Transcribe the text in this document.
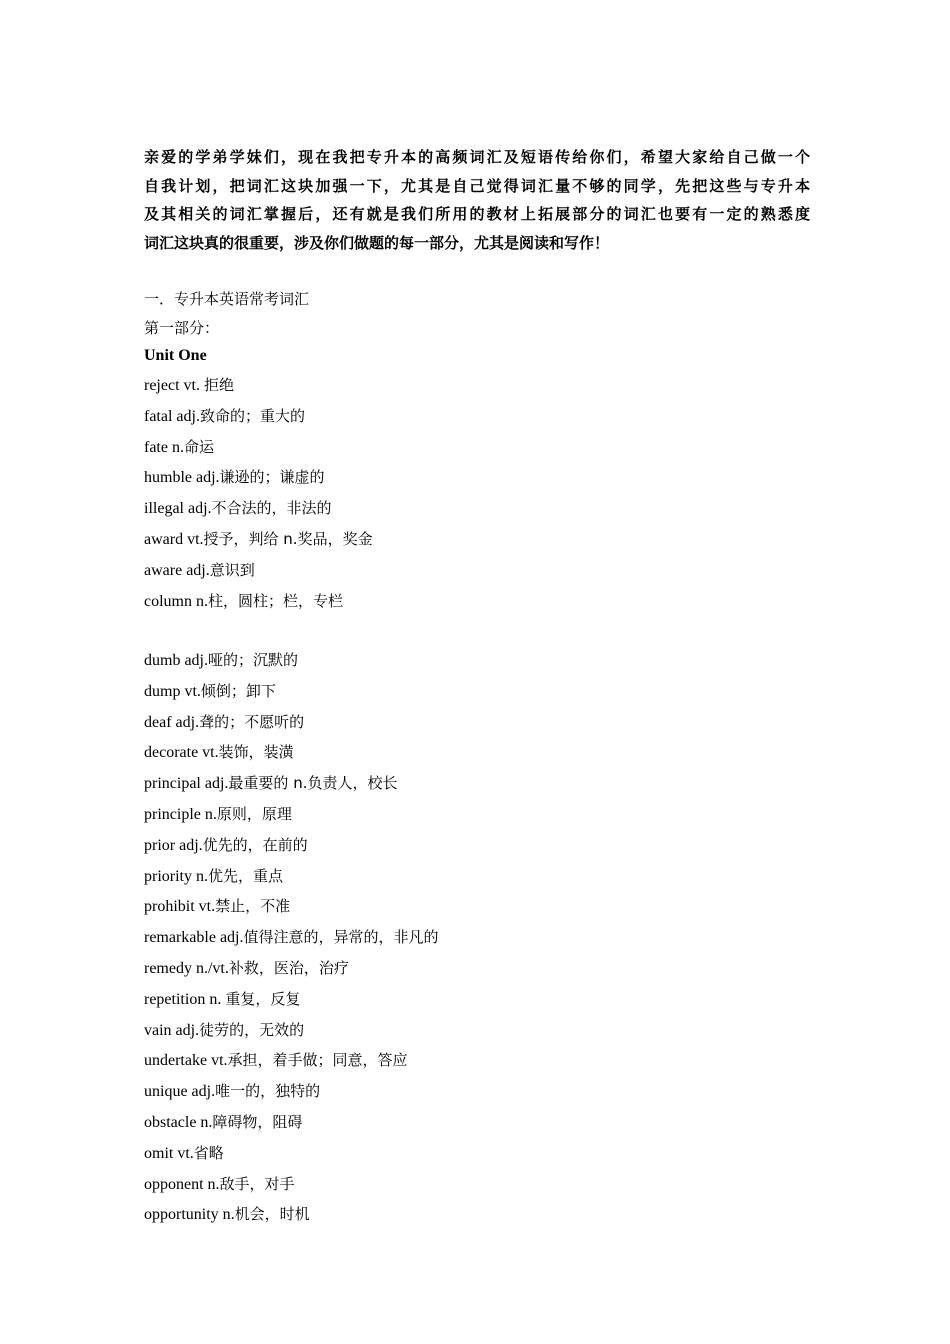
亲爱的学弟学妹们，现在我把专升本的高频词汇及短语传给你们，希望大家给自己做一个
自我计划，把词汇这块加强一下，尤其是自己觉得词汇量不够的同学，先把这些与专升本
及其相关的词汇掌握后，还有就是我们所用的教材上拓展部分的词汇也要有一定的熟悉度
词汇这块真的很重要，涉及你们做题的每一部分，尤其是阅读和写作！

一．专升本英语常考词汇

第一部分：

Unit One

reject vt. 拒绝
fatal adj.致命的；重大的
fate n.命运
humble adj.谦逊的；谦虚的
illegal adj.不合法的，非法的
award vt.授予，判给 n.奖品，奖金
aware adj.意识到
column n.柱，圆柱；栏，专栏
dumb adj.哑的；沉默的
dump vt.倾倒；卸下
deaf adj.聋的；不愿听的
decorate vt.装饰，装潢
principal adj.最重要的 n.负责人，校长
principle n.原则，原理
prior adj.优先的，在前的
priority n.优先，重点
prohibit vt.禁止，不准
remarkable adj.值得注意的，异常的，非凡的
remedy n./vt.补救，医治，治疗
repetition n. 重复，反复
vain adj.徒劳的，无效的
undertake vt.承担，着手做；同意，答应
unique adj.唯一的，独特的
obstacle n.障碍物，阻碍
omit vt.省略
opponent n.敌手，对手
opportunity n.机会，时机
